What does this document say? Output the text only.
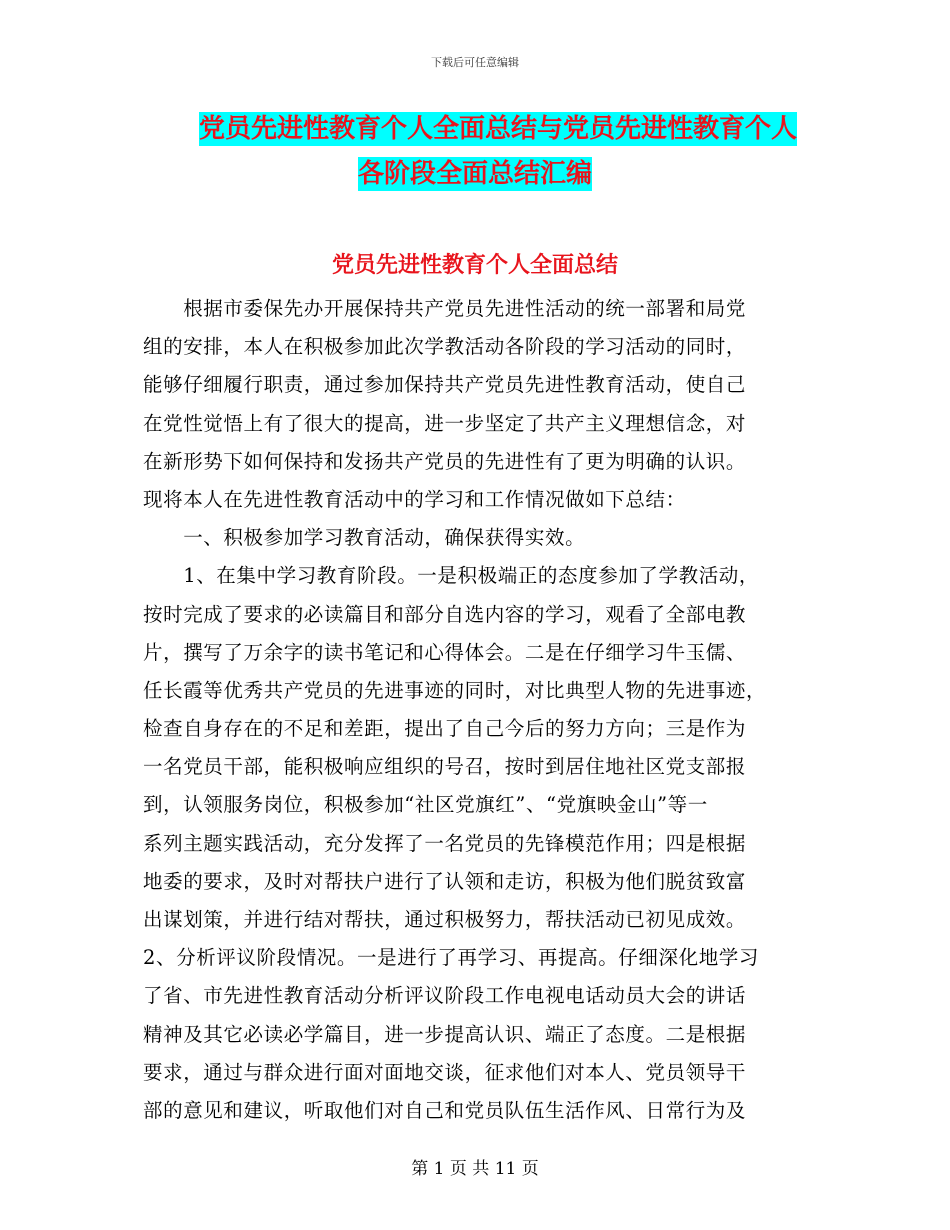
下载后可任意编辑
党员先进性教育个人全面总结与党员先进性教育个人
各阶段全面总结汇编
党员先进性教育个人全面总结
　　根据市委保先办开展保持共产党员先进性活动的统一部署和局党
组的安排，本人在积极参加此次学教活动各阶段的学习活动的同时，
能够仔细履行职责，通过参加保持共产党员先进性教育活动，使自己
在党性觉悟上有了很大的提高，进一步坚定了共产主义理想信念，对
在新形势下如何保持和发扬共产党员的先进性有了更为明确的认识。
现将本人在先进性教育活动中的学习和工作情况做如下总结：
　　一、积极参加学习教育活动，确保获得实效。
　　1、在集中学习教育阶段。一是积极端正的态度参加了学教活动，
按时完成了要求的必读篇目和部分自选内容的学习，观看了全部电教
片，撰写了万余字的读书笔记和心得体会。二是在仔细学习牛玉儒、
任长霞等优秀共产党员的先进事迹的同时，对比典型人物的先进事迹，
检查自身存在的不足和差距，提出了自己今后的努力方向；三是作为
一名党员干部，能积极响应组织的号召，按时到居住地社区党支部报
到，认领服务岗位，积极参加“社区党旗红”、“党旗映金山”等一
系列主题实践活动，充分发挥了一名党员的先锋模范作用；四是根据
地委的要求，及时对帮扶户进行了认领和走访，积极为他们脱贫致富
出谋划策，并进行结对帮扶，通过积极努力，帮扶活动已初见成效。
2、分析评议阶段情况。一是进行了再学习、再提高。仔细深化地学习
了省、市先进性教育活动分析评议阶段工作电视电话动员大会的讲话
精神及其它必读必学篇目，进一步提高认识、端正了态度。二是根据
要求，通过与群众进行面对面地交谈，征求他们对本人、党员领导干
部的意见和建议，听取他们对自己和党员队伍生活作风、日常行为及
第 1 页 共 11 页
